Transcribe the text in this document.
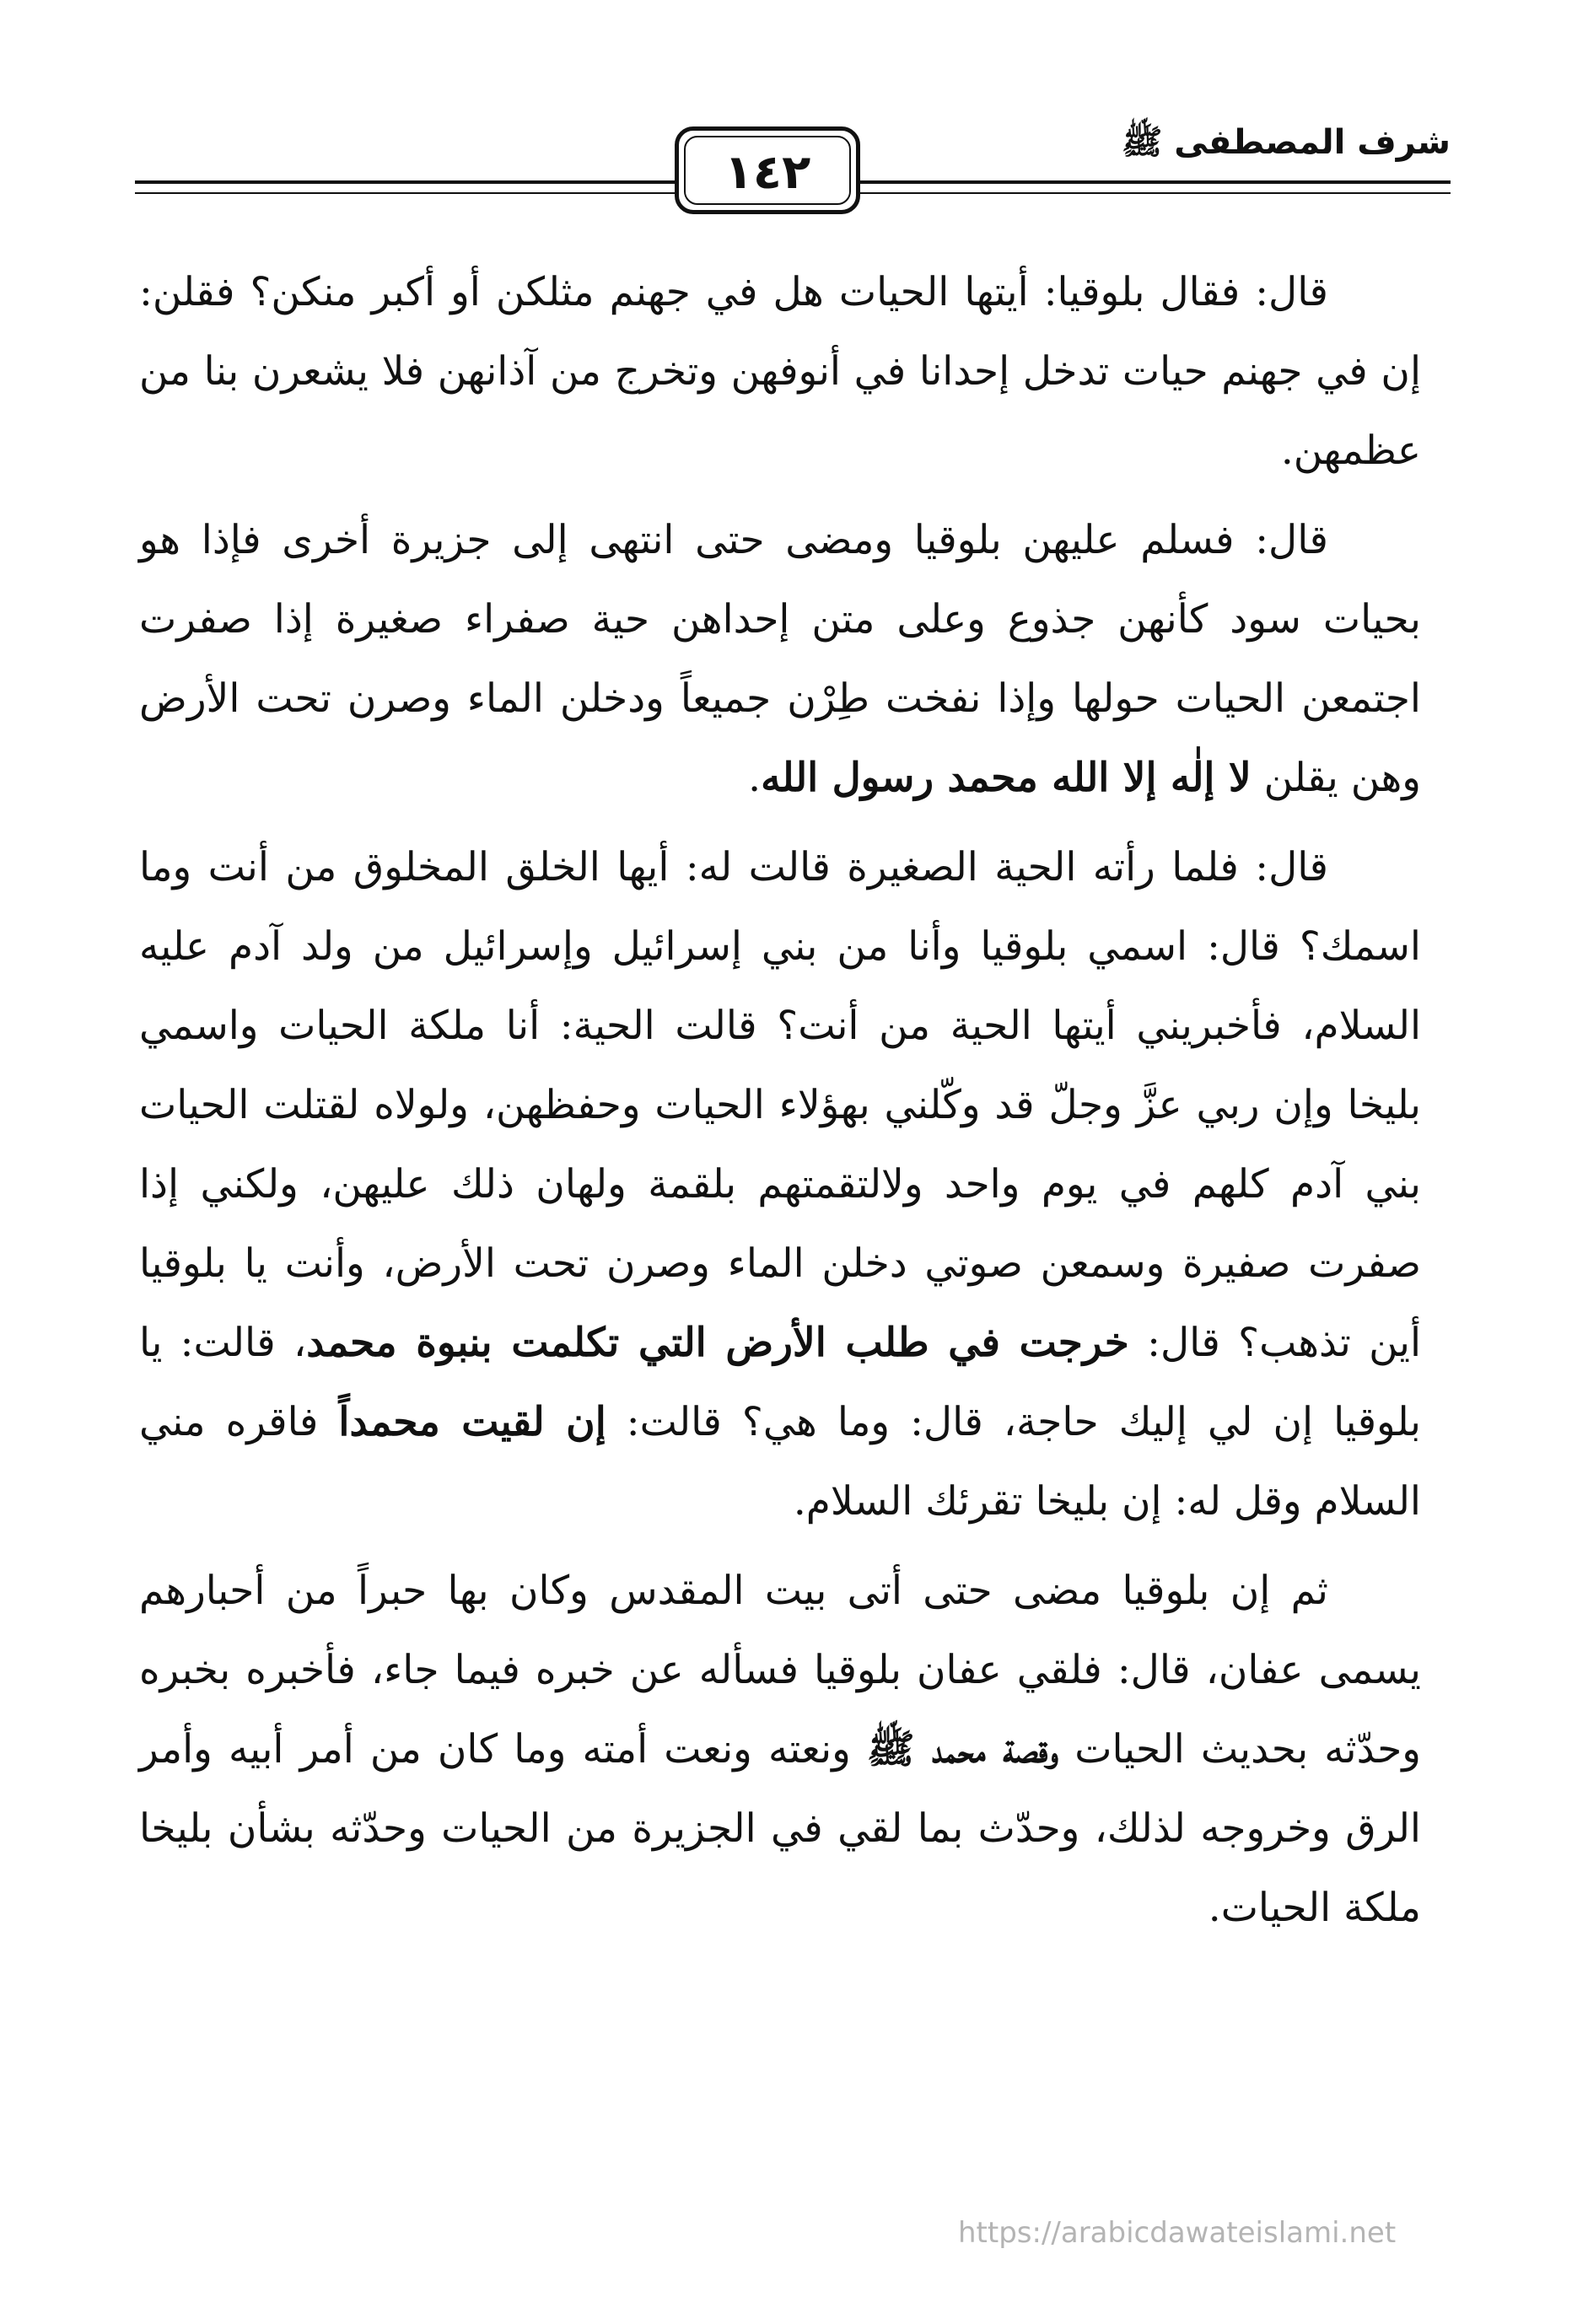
١٤٢
شرف المصطفى ﷺ

قال: فقال بلوقيا: أيتها الحيات هل في جهنم مثلكن أو أكبر منكن؟ فقلن: إن في جهنم حيات تدخل إحدانا في أنوفهن وتخرج من آذانهن فلا يشعرن بنا من عظمهن.

قال: فسلم عليهن بلوقيا ومضى حتى انتهى إلى جزيرة أخرى فإذا هو بحيات سود كأنهن جذوع وعلى متن إحداهن حية صفراء صغيرة إذا صفرت اجتمعن الحيات حولها وإذا نفخت طِرْن جميعاً ودخلن الماء وصرن تحت الأرض وهن يقلن لا إلٰه إلا الله محمد رسول الله.

قال: فلما رأته الحية الصغيرة قالت له: أيها الخلق المخلوق من أنت وما اسمك؟ قال: اسمي بلوقيا وأنا من بني إسرائيل وإسرائيل من ولد آدم عليه السلام، فأخبريني أيتها الحية من أنت؟ قالت الحية: أنا ملكة الحيات واسمي بليخا وإن ربي عزَّ وجلّ قد وكّلني بهؤلاء الحيات وحفظهن، ولولاه لقتلت الحيات بني آدم كلهم في يوم واحد ولالتقمتهم بلقمة ولهان ذلك عليهن، ولكني إذا صفرت صفيرة وسمعن صوتي دخلن الماء وصرن تحت الأرض، وأنت يا بلوقيا أين تذهب؟ قال: خرجت في طلب الأرض التي تكلمت بنبوة محمد، قالت: يا بلوقيا إن لي إليك حاجة، قال: وما هي؟ قالت: إن لقيت محمداً فاقره مني السلام وقل له: إن بليخا تقرئك السلام.

ثم إن بلوقيا مضى حتى أتى بيت المقدس وكان بها حبراً من أحبارهم يسمى عفان، قال: فلقي عفان بلوقيا فسأله عن خبره فيما جاء، فأخبره بخبره وحدّثه بحديث الحيات وقصة محمد ﷺ ونعته ونعت أمته وما كان من أمر أبيه وأمر الرق وخروجه لذلك، وحدّث بما لقي في الجزيرة من الحيات وحدّثه بشأن بليخا ملكة الحيات.

https://arabicdawateislami.net
